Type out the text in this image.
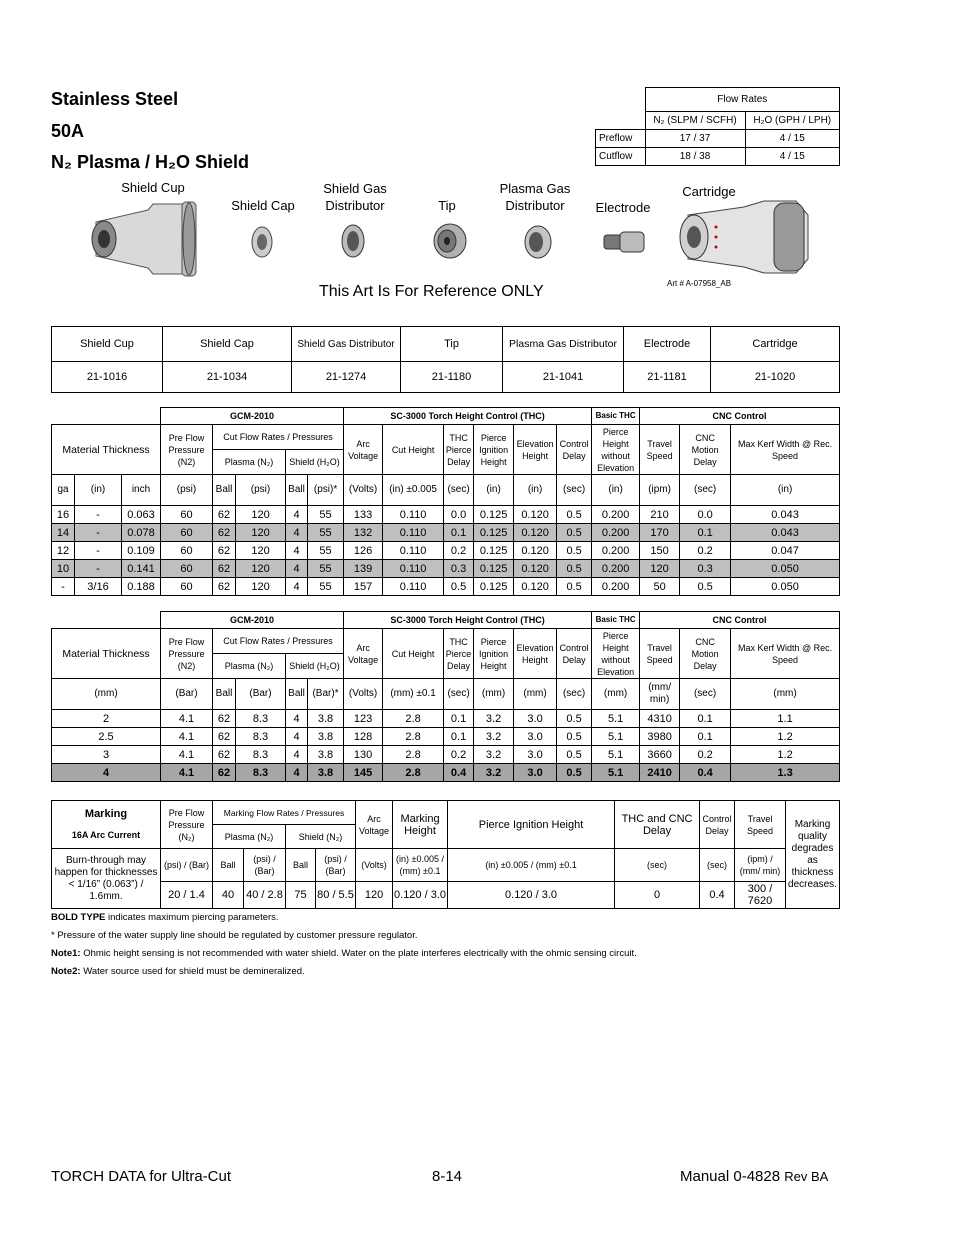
Stainless Steel
50A
N₂ Plasma / H₂O Shield
	Flow Rates	
	N₂ (SLPM / SCFH)	H₂O (GPH / LPH)
Preflow	17 / 37	4 / 15
Cutflow	18 / 38	4 / 15
Shield Cup
Shield Cap
Shield Gas
Distributor	Tip
Plasma Gas
Distributor	Electrode
Cartridge
Art # A-07958_AB
This Art Is For Reference ONLY
Shield Cup	Shield Cap	Shield Gas Distributor	Tip	Plasma Gas Distributor	Electrode	Cartridge
21-1016	21-1034	21-1274	21-1180	21-1041	21-1181	21-1020
			GCM-2010					SC-3000 Torch Height Control (THC)						Basic THC	CNC Control		
Material Thickness			Pre Flow Pressure (N2)	Cut Flow Rates / Pressures				Arc Voltage	Cut Height	THC Pierce Delay	Pierce Ignition Height	Elevation Height	Control Delay	Pierce Height without Elevation	Travel Speed	CNC Motion Delay	Max Kerf Width @ Rec. Speed
				Plasma (N₂)		Shield (H₂O)											
ga	(in)	inch	(psi)	Ball	(psi)	Ball	(psi)*	(Volts)	(in) ±0.005	(sec)	(in)	(in)	(sec)	(in)	(ipm)	(sec)	(in)
16	-	0.063	60	62	120	4	55	133	0.110	0.0	0.125	0.120	0.5	0.200	210	0.0	0.043
14	-	0.078	60	62	120	4	55	132	0.110	0.1	0.125	0.120	0.5	0.200	170	0.1	0.043
12	-	0.109	60	62	120	4	55	126	0.110	0.2	0.125	0.120	0.5	0.200	150	0.2	0.047
10	-	0.141	60	62	120	4	55	139	0.110	0.3	0.125	0.120	0.5	0.200	120	0.3	0.050
-	3/16	0.188	60	62	120	4	55	157	0.110	0.5	0.125	0.120	0.5	0.200	50	0.5	0.050
	GCM-2010					SC-3000 Torch Height Control (THC)						Basic THC	CNC Control		
Material Thickness	Pre Flow Pressure (N2)	Cut Flow Rates / Pressures				Arc Voltage	Cut Height	THC Pierce Delay	Pierce Ignition Height	Elevation Height	Control Delay	Pierce Height without Elevation	Travel Speed	CNC Motion Delay	Max Kerf Width @ Rec. Speed
		Plasma (N₂)		Shield (H₂O)											
(mm)	(Bar)	Ball	(Bar)	Ball	(Bar)*	(Volts)	(mm) ±0.1	(sec)	(mm)	(mm)	(sec)	(mm)	(mm/ min)	(sec)	(mm)
2	4.1	62	8.3	4	3.8	123	2.8	0.1	3.2	3.0	0.5	5.1	4310	0.1	1.1
2.5	4.1	62	8.3	4	3.8	128	2.8	0.1	3.2	3.0	0.5	5.1	3980	0.1	1.2
3	4.1	62	8.3	4	3.8	130	2.8	0.2	3.2	3.0	0.5	5.1	3660	0.2	1.2
4	4.1	62	8.3	4	3.8	145	2.8	0.4	3.2	3.0	0.5	5.1	2410	0.4	1.3
Marking
16A Arc Current	Pre Flow Pressure (N₂)	Marking Flow Rates / Pressures				Arc Voltage	Marking Height	Pierce Ignition Height	THC and CNC Delay	Control Delay	Travel Speed	Marking quality degrades as thickness decreases.
		Plasma (N₂)		Shield (N₂)								
Burn-through may happen for thicknesses < 1/16” (0.063”) / 1.6mm.	(psi) / (Bar)	Ball	(psi) / (Bar)	Ball	(psi) / (Bar)	(Volts)	(in) ±0.005 / (mm) ±0.1	(in) ±0.005 / (mm) ±0.1	(sec)	(sec)	(ipm) / (mm/ min)	
	20 / 1.4	40	40 / 2.8	75	80 / 5.5	120	0.120 / 3.0	0.120 / 3.0	0	0.4	300 / 7620	
BOLD TYPE indicates maximum piercing parameters.
* Pressure of the water supply line should be regulated by customer pressure regulator.
Note1: Ohmic height sensing is not recommended with water shield. Water on the plate interferes electrically with the ohmic sensing circuit.
Note2: Water source used for shield must be demineralized.
TORCH DATA for Ultra-Cut	8-14	Manual 0-4828 Rev BA
